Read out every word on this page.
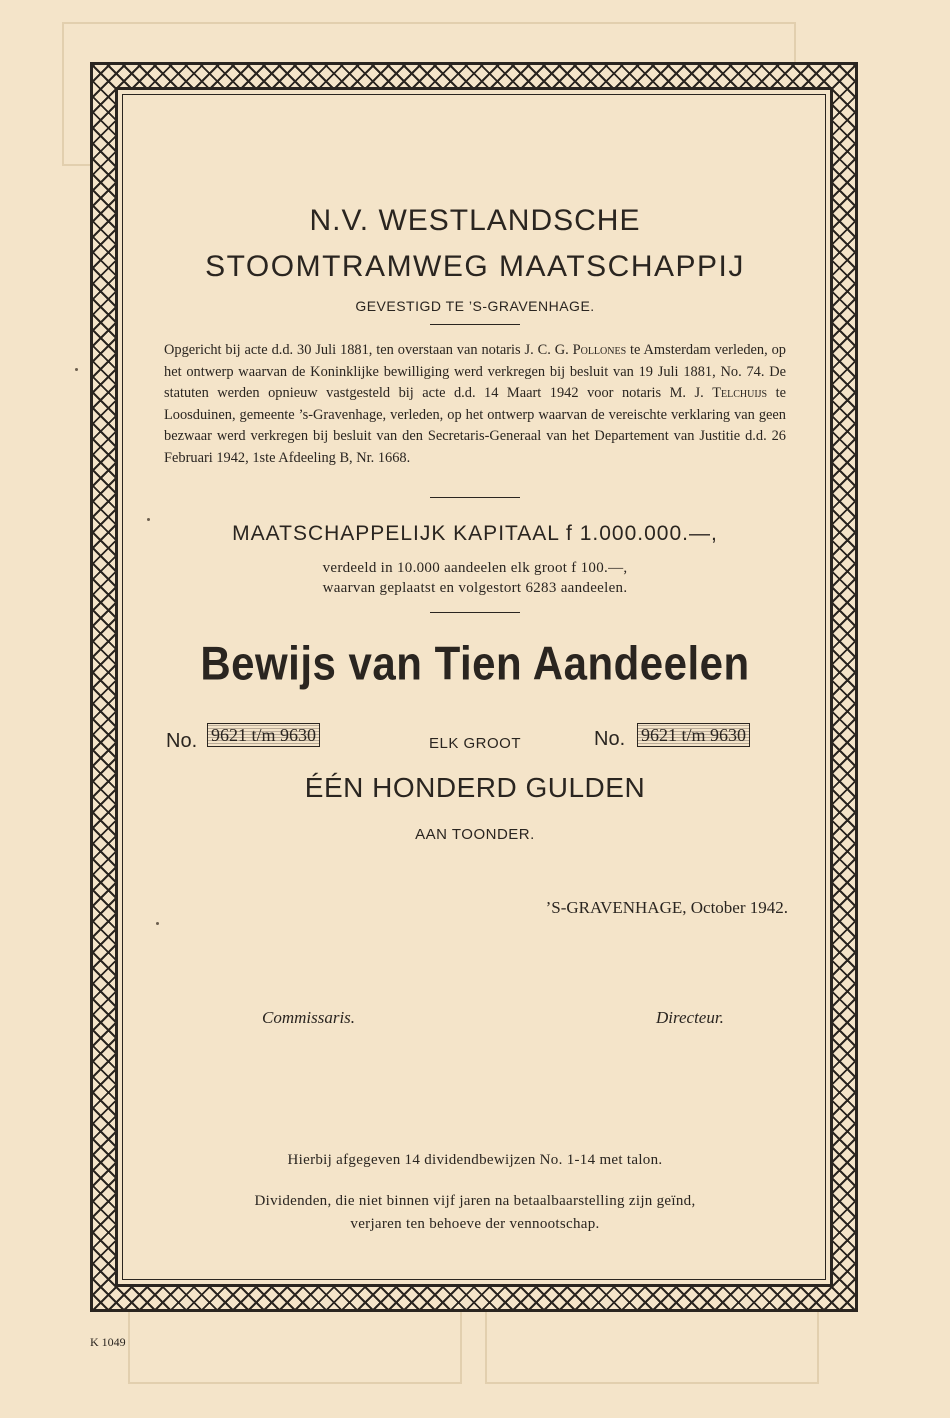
N.V. WESTLANDSCHE
STOOMTRAMWEG MAATSCHAPPIJ
GEVESTIGD TE ’S-GRAVENHAGE.
Opgericht bij acte d.d. 30 Juli 1881, ten overstaan van notaris J. C. G. Pollones te Amsterdam verleden, op het ontwerp waarvan de Koninklijke bewilliging werd verkregen bij besluit van 19 Juli 1881, No. 74. De statuten werden opnieuw vastgesteld bij acte d.d. 14 Maart 1942 voor notaris M. J. Telchuijs te Loosduinen, gemeente ’s-Gravenhage, verleden, op het ontwerp waarvan de vereischte verklaring van geen bezwaar werd verkregen bij besluit van den Secretaris-Generaal van het Departement van Justitie d.d. 26 Februari 1942, 1ste Afdeeling B, Nr. 1668.
MAATSCHAPPELIJK KAPITAAL f 1.000.000.—,
verdeeld in 10.000 aandeelen elk groot f 100.—,
waarvan geplaatst en volgestort 6283 aandeelen.
Bewijs van Tien Aandeelen
No. 9621 t/m 9630	ELK GROOT	No. 9621 t/m 9630
ÉÉN HONDERD GULDEN
AAN TOONDER.
’S-GRAVENHAGE, October 1942.
Commissaris.	Directeur.
Hierbij afgegeven 14 dividendbewijzen No. 1-14 met talon.
Dividenden, die niet binnen vijf jaren na betaalbaarstelling zijn geïnd,
verjaren ten behoeve der vennootschap.
K 1049
